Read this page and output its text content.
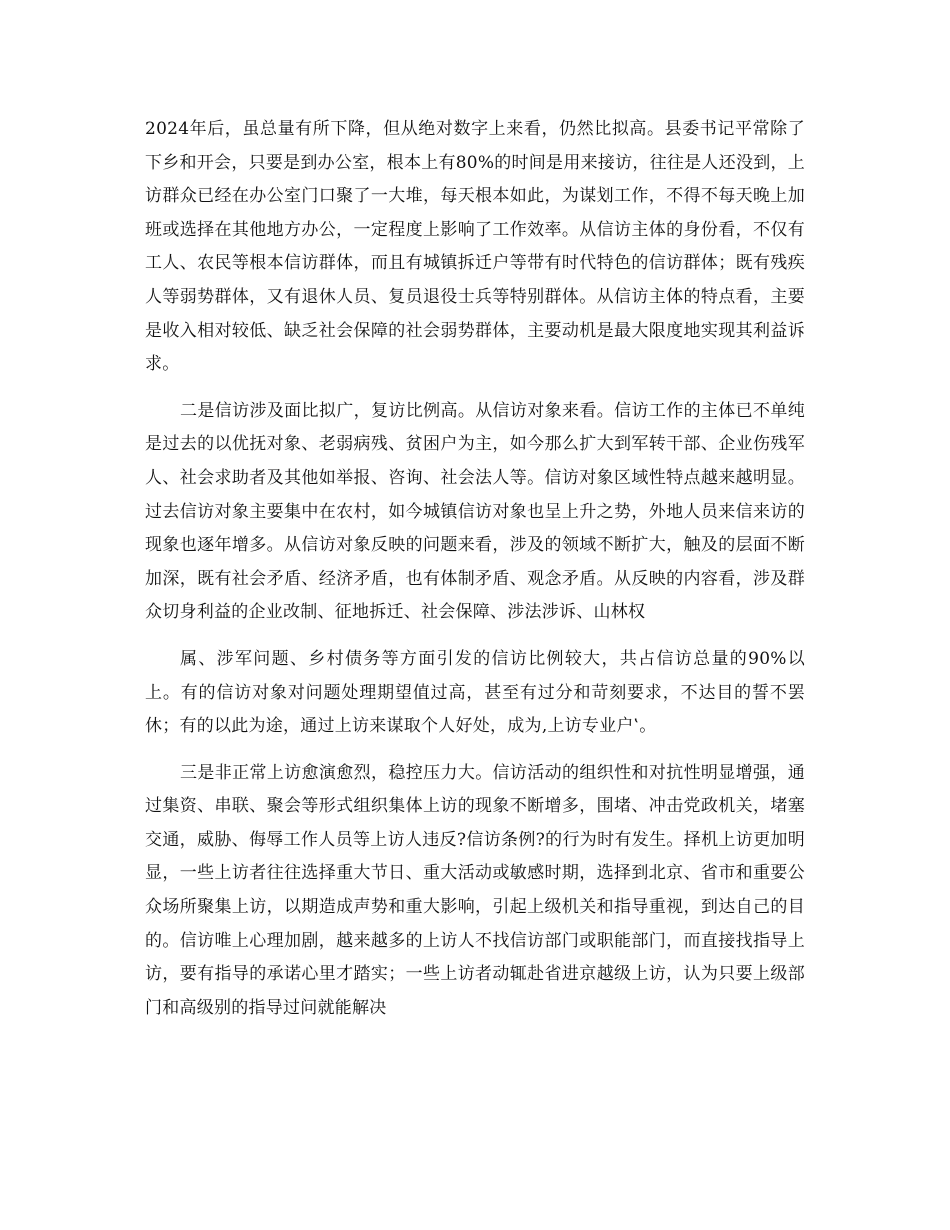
2024年后，虽总量有所下降，但从绝对数字上来看，仍然比拟高。县委书记平常除了下乡和开会，只要是到办公室，根本上有80%的时间是用来接访，往往是人还没到，上访群众已经在办公室门口聚了一大堆，每天根本如此，为谋划工作，不得不每天晚上加班或选择在其他地方办公，一定程度上影响了工作效率。从信访主体的身份看，不仅有工人、农民等根本信访群体，而且有城镇拆迁户等带有时代特色的信访群体；既有残疾人等弱势群体，又有退休人员、复员退役士兵等特别群体。从信访主体的特点看，主要是收入相对较低、缺乏社会保障的社会弱势群体，主要动机是最大限度地实现其利益诉求。

二是信访涉及面比拟广，复访比例高。从信访对象来看。信访工作的主体已不单纯是过去的以优抚对象、老弱病残、贫困户为主，如今那么扩大到军转干部、企业伤残军人、社会求助者及其他如举报、咨询、社会法人等。信访对象区域性特点越来越明显。过去信访对象主要集中在农村，如今城镇信访对象也呈上升之势，外地人员来信来访的现象也逐年增多。从信访对象反映的问题来看，涉及的领域不断扩大，触及的层面不断加深，既有社会矛盾、经济矛盾，也有体制矛盾、观念矛盾。从反映的内容看，涉及群众切身利益的企业改制、征地拆迁、社会保障、涉法涉诉、山林权

属、涉军问题、乡村债务等方面引发的信访比例较大，共占信访总量的90%以上。有的信访对象对问题处理期望值过高，甚至有过分和苛刻要求，不达目的誓不罢休；有的以此为途，通过上访来谋取个人好处，成为‚上访专业户‛。

三是非正常上访愈演愈烈，稳控压力大。信访活动的组织性和对抗性明显增强，通过集资、串联、聚会等形式组织集体上访的现象不断增多，围堵、冲击党政机关，堵塞交通，威胁、侮辱工作人员等上访人违反?信访条例?的行为时有发生。择机上访更加明显，一些上访者往往选择重大节日、重大活动或敏感时期，选择到北京、省市和重要公众场所聚集上访，以期造成声势和重大影响，引起上级机关和指导重视，到达自己的目的。信访唯上心理加剧，越来越多的上访人不找信访部门或职能部门，而直接找指导上访，要有指导的承诺心里才踏实；一些上访者动辄赴省进京越级上访，认为只要上级部门和高级别的指导过问就能解决
